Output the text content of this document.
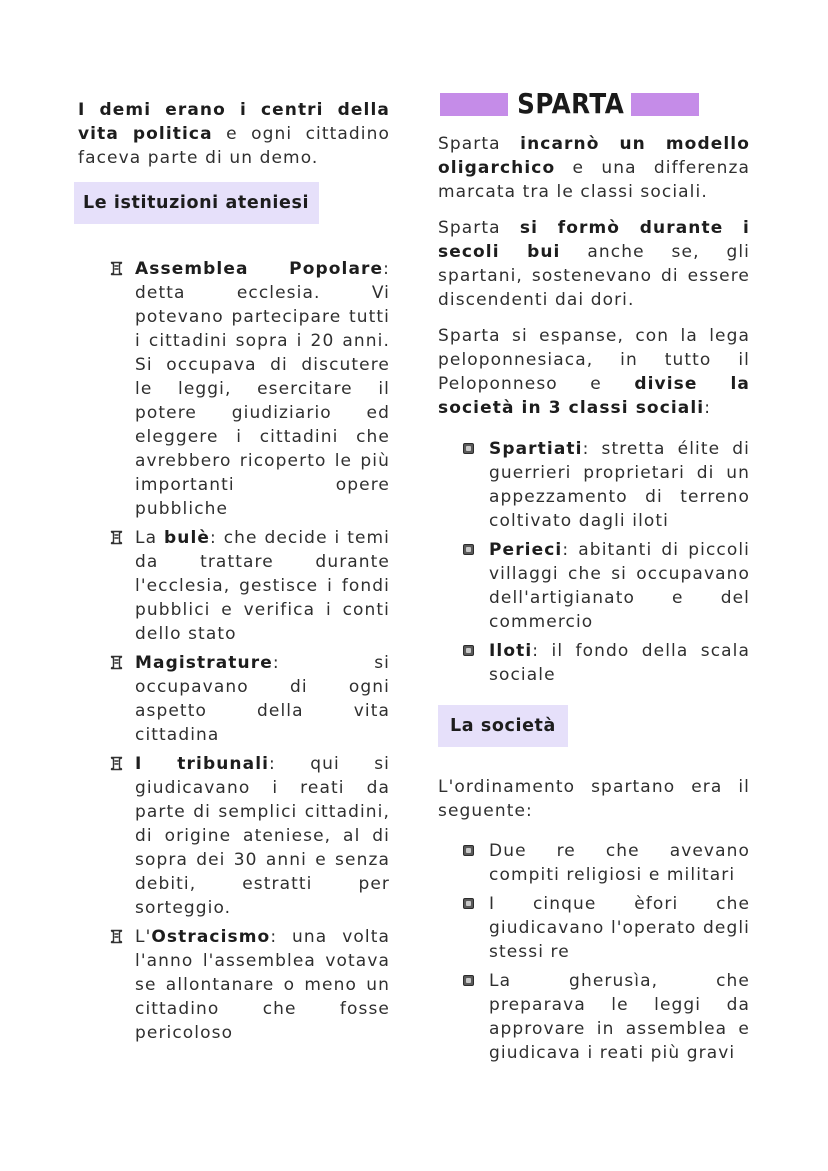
I demi erano i centri della vita politica e ogni cittadino faceva parte di un demo.

Le istituzioni ateniesi
Assemblea Popolare: detta ecclesia. Vi potevano partecipare tutti i cittadini sopra i 20 anni. Si occupava di discutere le leggi, esercitare il potere giudiziario ed eleggere i cittadini che avrebbero ricoperto le più importanti opere pubbliche
La bulè: che decide i temi da trattare durante l'ecclesia, gestisce i fondi pubblici e verifica i conti dello stato
Magistrature: si occupavano di ogni aspetto della vita cittadina
I tribunali: qui si giudicavano i reati da parte di semplici cittadini, di origine ateniese, al di sopra dei 30 anni e senza debiti, estratti per sorteggio.
L'Ostracismo: una volta l'anno l'assemblea votava se allontanare o meno un cittadino che fosse pericoloso
SPARTA

Sparta incarnò un modello oligarchico e una differenza marcata tra le classi sociali.

Sparta si formò durante i secoli bui anche se, gli spartani, sostenevano di essere discendenti dai dori.

Sparta si espanse, con la lega peloponnesiaca, in tutto il Peloponneso e divise la società in 3 classi sociali:

Spartiati: stretta élite di guerrieri proprietari di un appezzamento di terreno coltivato dagli iloti
Perieci: abitanti di piccoli villaggi che si occupavano dell'artigianato e del commercio
Iloti: il fondo della scala sociale
La società

L'ordinamento spartano era il seguente:

Due re che avevano compiti religiosi e militari
I cinque èfori che giudicavano l'operato degli stessi re
La gherusìa, che preparava le leggi da approvare in assemblea e giudicava i reati più gravi
